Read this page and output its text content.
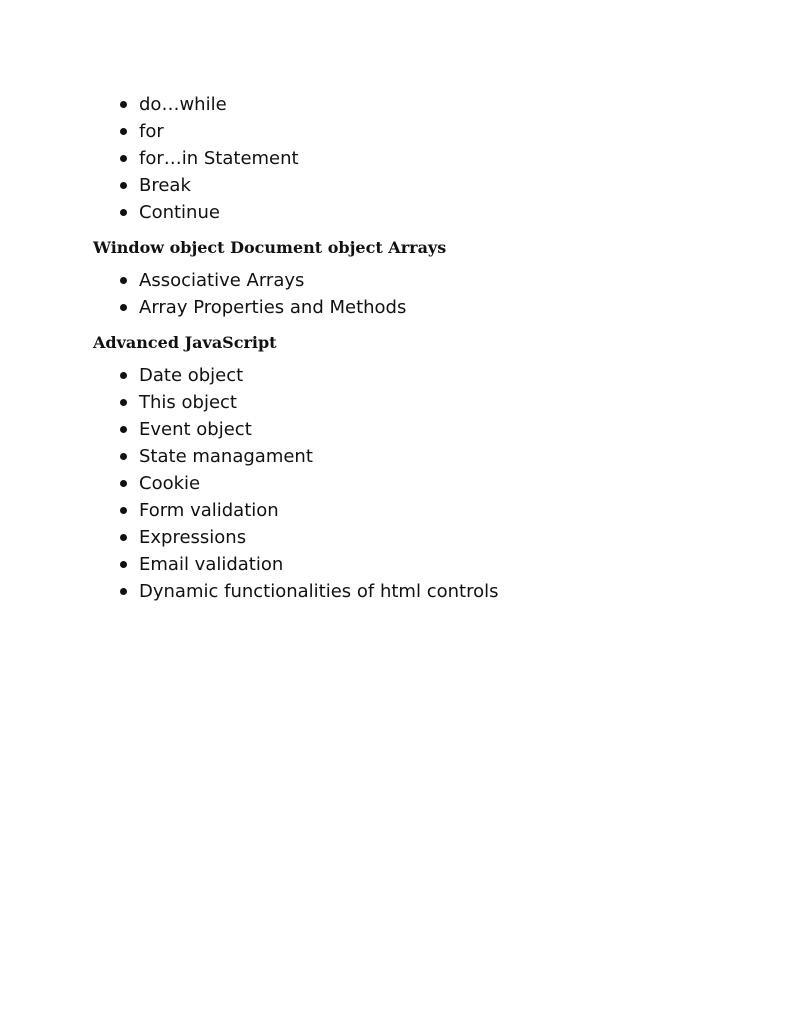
do…while
for
for…in Statement
Break
Continue
Window object Document object Arrays
Associative Arrays
Array Properties and Methods
Advanced JavaScript
Date object
This object
Event object
State managament
Cookie
Form validation
Expressions
Email validation
Dynamic functionalities of html controls
